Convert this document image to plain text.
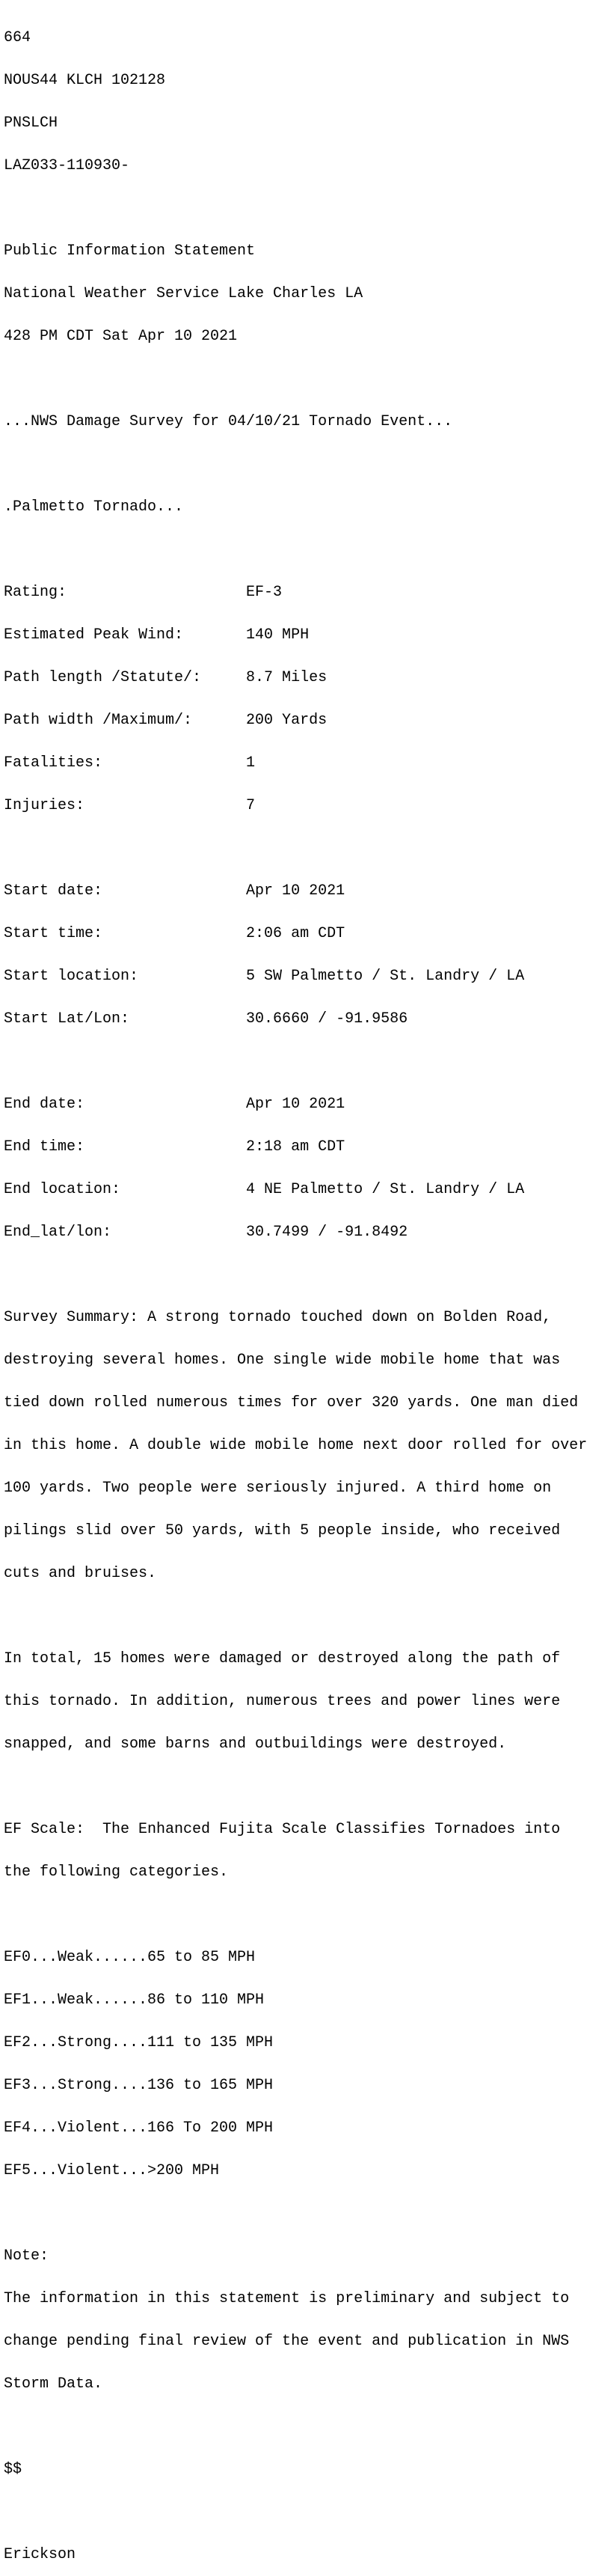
664

NOUS44 KLCH 102128

PNSLCH

LAZ033-110930-

Public Information Statement

National Weather Service Lake Charles LA

428 PM CDT Sat Apr 10 2021

...NWS Damage Survey for 04/10/21 Tornado Event...

.Palmetto Tornado...

Rating:                    EF-3

Estimated Peak Wind:       140 MPH

Path length /Statute/:     8.7 Miles

Path width /Maximum/:      200 Yards

Fatalities:                1

Injuries:                  7

Start date:                Apr 10 2021

Start time:                2:06 am CDT

Start location:            5 SW Palmetto / St. Landry / LA

Start Lat/Lon:             30.6660 / -91.9586

End date:                  Apr 10 2021

End time:                  2:18 am CDT

End location:              4 NE Palmetto / St. Landry / LA

End_lat/lon:               30.7499 / -91.8492

Survey Summary: A strong tornado touched down on Bolden Road,

destroying several homes. One single wide mobile home that was

tied down rolled numerous times for over 320 yards. One man died

in this home. A double wide mobile home next door rolled for over

100 yards. Two people were seriously injured. A third home on

pilings slid over 50 yards, with 5 people inside, who received

cuts and bruises.

In total, 15 homes were damaged or destroyed along the path of

this tornado. In addition, numerous trees and power lines were

snapped, and some barns and outbuildings were destroyed.

EF Scale:  The Enhanced Fujita Scale Classifies Tornadoes into

the following categories.

EF0...Weak......65 to 85 MPH

EF1...Weak......86 to 110 MPH

EF2...Strong....111 to 135 MPH

EF3...Strong....136 to 165 MPH

EF4...Violent...166 To 200 MPH

EF5...Violent...>200 MPH

Note:

The information in this statement is preliminary and subject to

change pending final review of the event and publication in NWS

Storm Data.

$$

Erickson
